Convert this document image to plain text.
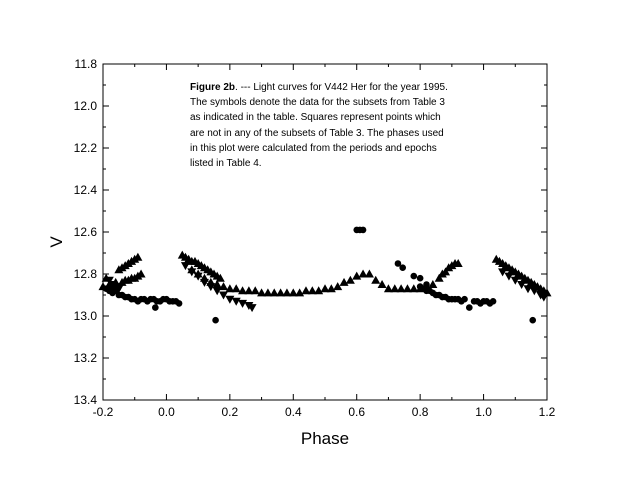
-0.2	0.0	0.2	0.4	0.6	0.8	1.0	1.2
11.8
12.0
12.2
12.4
12.6
12.8
13.0
13.2
13.4
Phase
V
Figure 2b. --- Light curves for V442 Her for the year 1995.
The symbols denote the data for the subsets from Table 3
as indicated in the table. Squares represent points which
are not in any of the subsets of Table 3. The phases used
in this plot were calculated from the periods and epochs
listed in Table 4.
